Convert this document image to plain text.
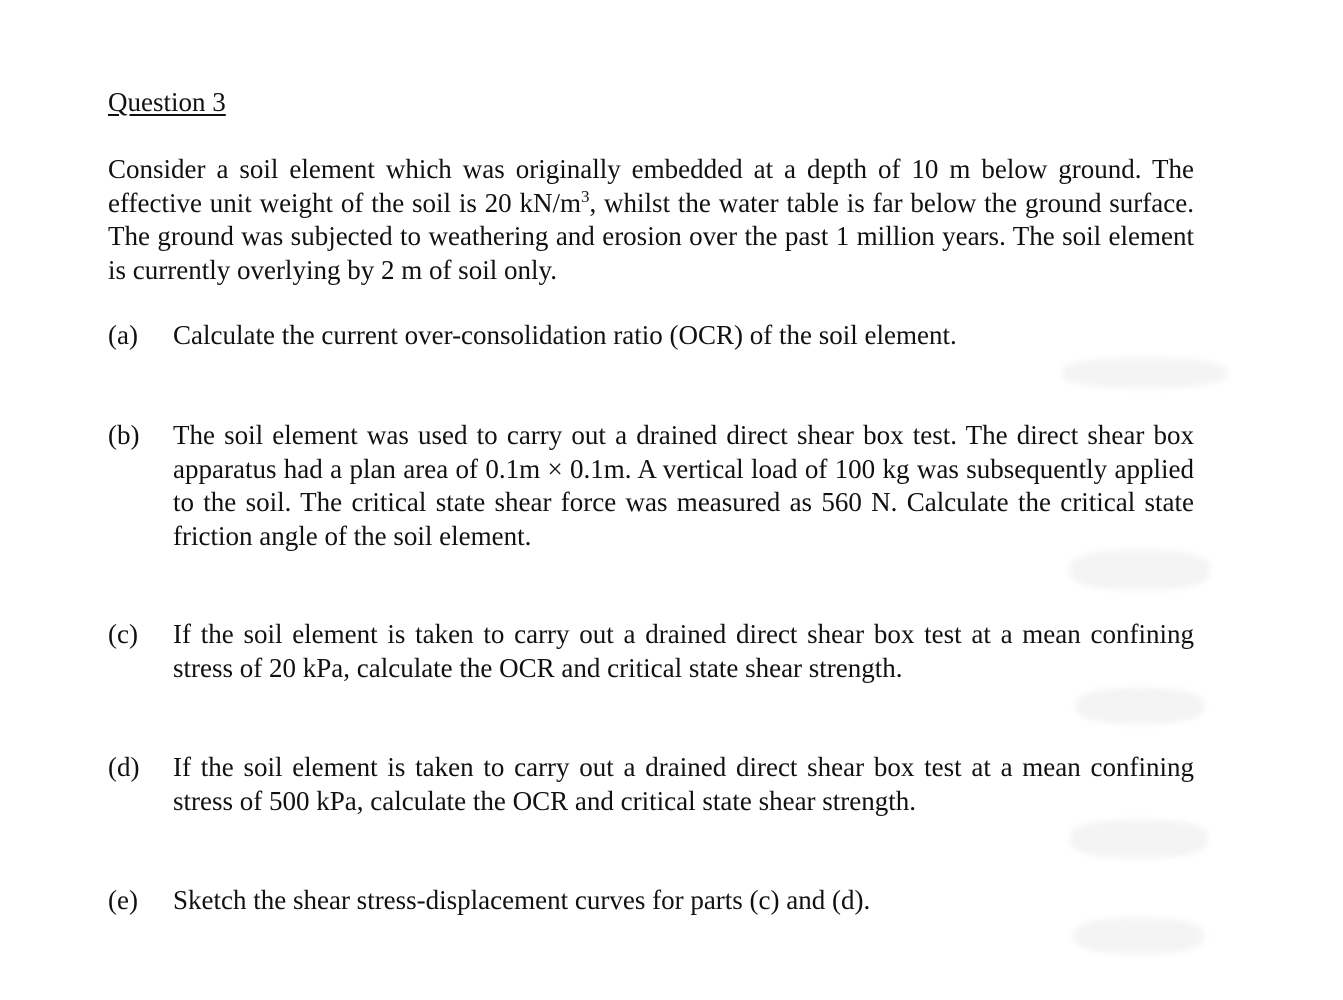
Question 3
Consider a soil element which was originally embedded at a depth of 10 m below ground. The effective unit weight of the soil is 20 $kN/m^3$, whilst the water table is far below the ground surface. The ground was subjected to weathering and erosion over the past 1 million years. The soil element is currently overlying by 2 m of soil only.
(a) Calculate the current over-consolidation ratio (OCR) of the soil element.
(b) The soil element was used to carry out a drained direct shear box test. The direct shear box apparatus had a plan area of 0.1m × 0.1m. A vertical load of 100 kg was subsequently applied to the soil. The critical state shear force was measured as 560 N. Calculate the critical state friction angle of the soil element.
(c) If the soil element is taken to carry out a drained direct shear box test at a mean confining stress of 20 kPa, calculate the OCR and critical state shear strength.
(d) If the soil element is taken to carry out a drained direct shear box test at a mean confining stress of 500 kPa, calculate the OCR and critical state shear strength.
(e) Sketch the shear stress-displacement curves for parts (c) and (d).
